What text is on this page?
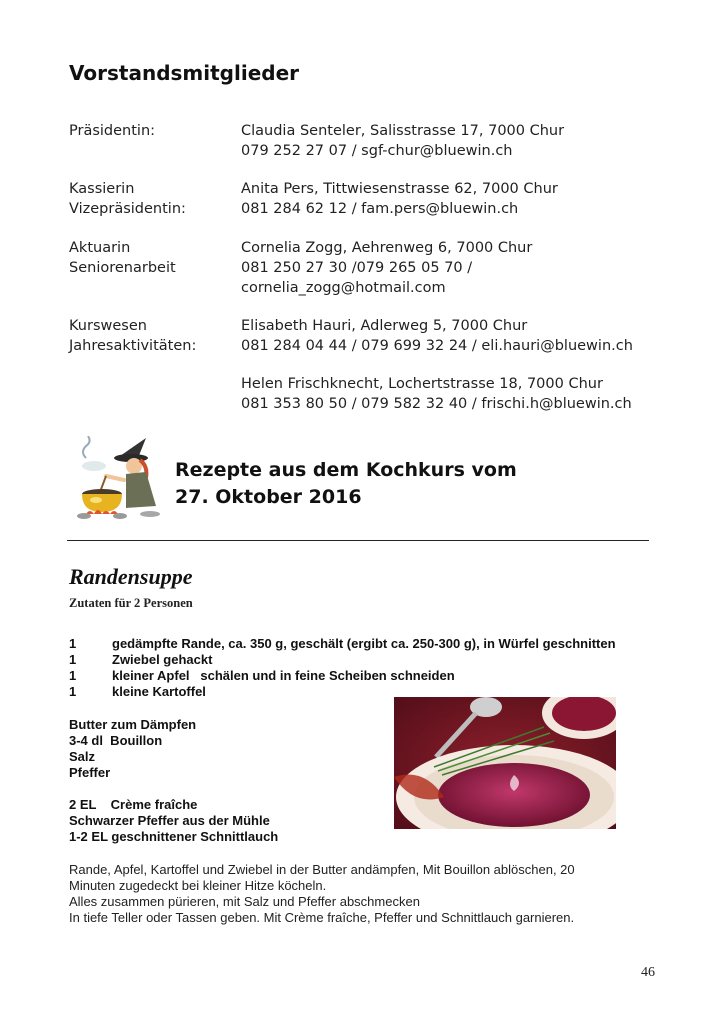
Vorstandsmitglieder
Präsidentin:	Claudia Senteler, Salisstrasse 17, 7000 Chur
079 252 27 07 / sgf-chur@bluewin.ch
Kassierin	Anita Pers, Tittwiesenstrasse 62, 7000 Chur
Vizepräsidentin:	081 284 62 12 / fam.pers@bluewin.ch
Aktuarin	Cornelia Zogg, Aehrenweg 6, 7000 Chur
Seniorenarbeit	081 250 27 30 /079 265 05 70 /
cornelia_zogg@hotmail.com
Kurswesen	Elisabeth Hauri, Adlerweg 5, 7000 Chur
Jahresaktivitäten:	081 284 04 44 / 079 699 32 24 / eli.hauri@bluewin.ch
Helen Frischknecht, Lochertstrasse 18, 7000 Chur
081 353 80 50 / 079 582 32 40 / frischi.h@bluewin.ch
Rezepte aus dem Kochkurs vom
27. Oktober 2016
Randensuppe
Zutaten für 2 Personen
1	gedämpfte Rande, ca. 350 g, geschält (ergibt ca. 250-300 g), in Würfel geschnitten
1	Zwiebel gehackt
1	kleiner Apfel   schälen und in feine Scheiben schneiden
1	kleine Kartoffel
Butter zum Dämpfen
3-4 dl  Bouillon
Salz
Pfeffer
2 EL    Crème fraîche
Schwarzer Pfeffer aus der Mühle
1-2 EL geschnittener Schnittlauch
Rande, Apfel, Kartoffel und Zwiebel in der Butter andämpfen, Mit Bouillon ablöschen, 20
Minuten zugedeckt bei kleiner Hitze köcheln.
Alles zusammen pürieren, mit Salz und Pfeffer abschmecken
In tiefe Teller oder Tassen geben. Mit Crème fraîche, Pfeffer und Schnittlauch garnieren.
46
